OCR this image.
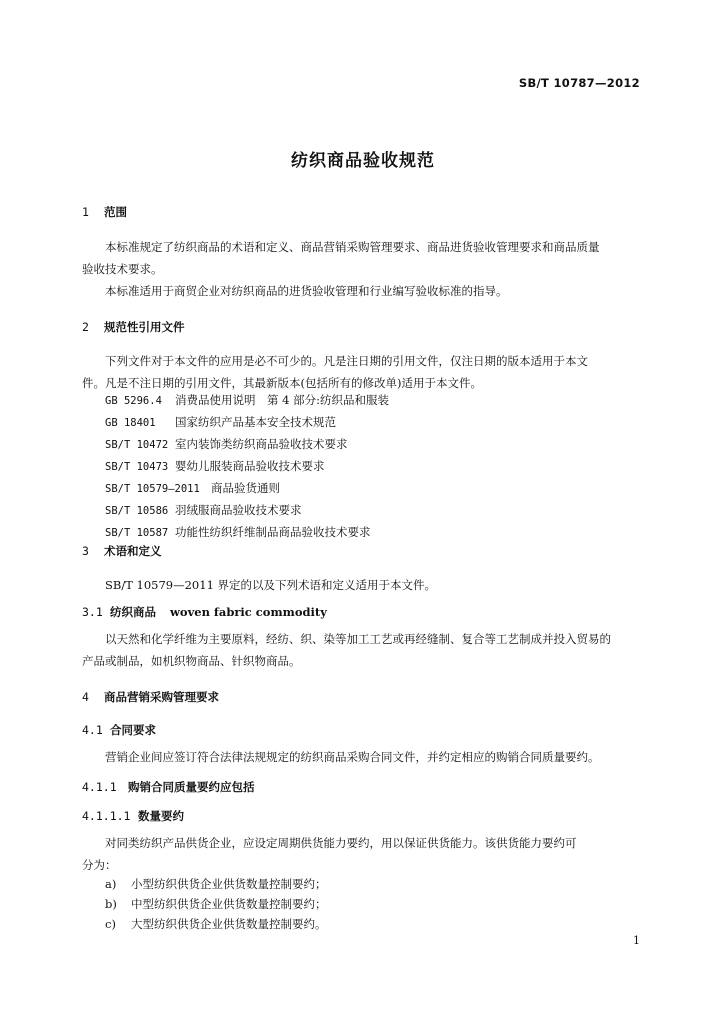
SB/T 10787—2012
纺织商品验收规范
1 范围
本标准规定了纺织商品的术语和定义、商品营销采购管理要求、商品进货验收管理要求和商品质量
验收技术要求。
本标准适用于商贸企业对纺织商品的进货验收管理和行业编写验收标准的指导。
2 规范性引用文件
下列文件对于本文件的应用是必不可少的。凡是注日期的引用文件，仅注日期的版本适用于本文
件。凡是不注日期的引用文件，其最新版本(包括所有的修改单)适用于本文件。
GB 5296.4 消费品使用说明　第 4 部分:纺织品和服装
GB 18401 国家纺织产品基本安全技术规范
SB/T 10472 室内装饰类纺织商品验收技术要求
SB/T 10473 婴幼儿服装商品验收技术要求
SB/T 10579—2011 商品验货通则
SB/T 10586 羽绒服商品验收技术要求
SB/T 10587 功能性纺织纤维制品商品验收技术要求
3 术语和定义
SB/T 10579—2011 界定的以及下列术语和定义适用于本文件。
3.1 纺织商品 woven fabric commodity
以天然和化学纤维为主要原料，经纺、织、染等加工工艺或再经缝制、复合等工艺制成并投入贸易的
产品或制品，如机织物商品、针织物商品。
4 商品营销采购管理要求
4.1 合同要求
营销企业间应签订符合法律法规规定的纺织商品采购合同文件，并约定相应的购销合同质量要约。
4.1.1 购销合同质量要约应包括
4.1.1.1 数量要约
对同类纺织产品供货企业，应设定周期供货能力要约，用以保证供货能力。该供货能力要约可
分为：
a) 小型纺织供货企业供货数量控制要约；
b) 中型纺织供货企业供货数量控制要约；
c) 大型纺织供货企业供货数量控制要约。
1
